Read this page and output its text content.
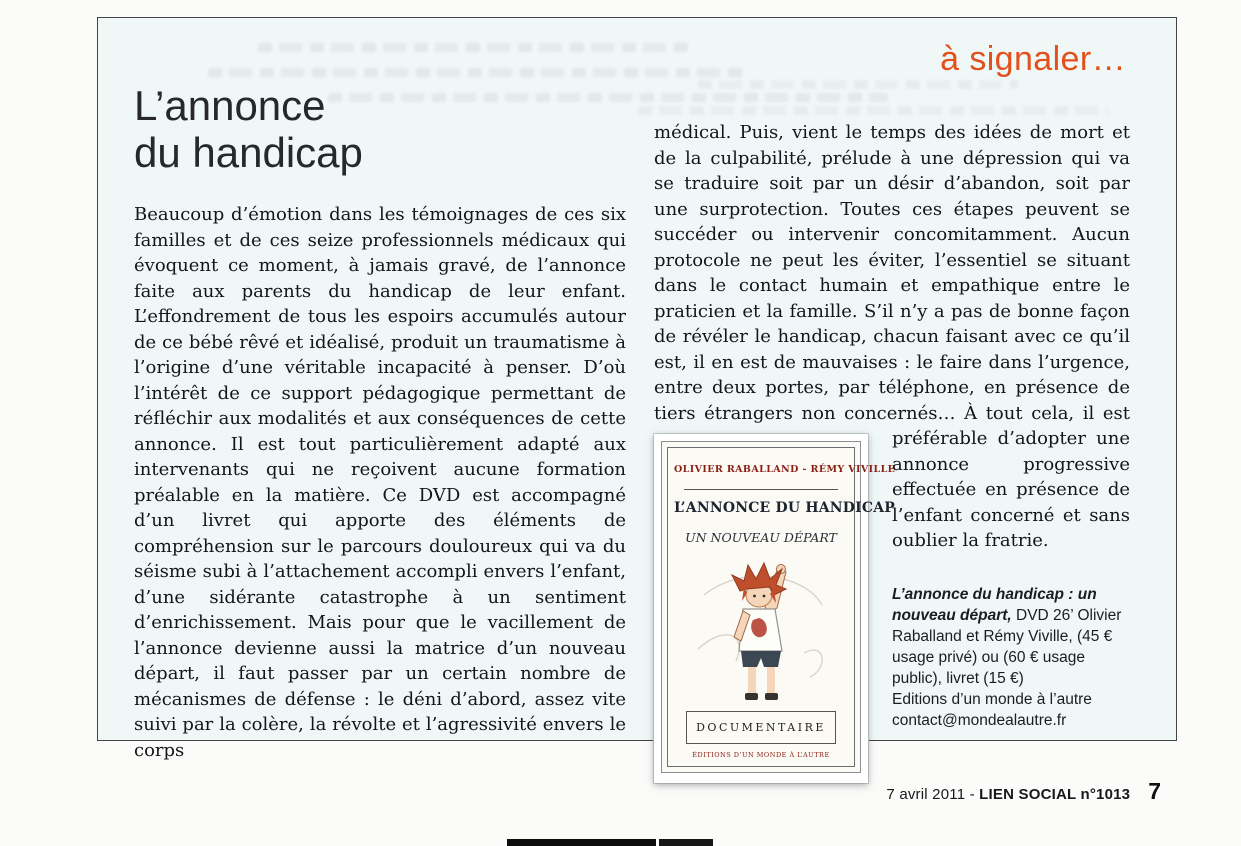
à signaler…
L’annonce
du handicap

Beaucoup d’émotion dans les témoignages de ces six familles et de ces seize professionnels médicaux qui évoquent ce moment, à jamais gravé, de l’annonce faite aux parents du handicap de leur enfant. L’effondrement de tous les espoirs accumulés autour de ce bébé rêvé et idéalisé, produit un traumatisme à l’origine d’une véritable incapacité à penser. D’où l’intérêt de ce support pédagogique permettant de réfléchir aux modalités et aux conséquences de cette annonce. Il est tout particulièrement adapté aux intervenants qui ne reçoivent aucune formation préalable en la matière. Ce DVD est accompagné d’un livret qui apporte des éléments de compréhension sur le parcours douloureux qui va du séisme subi à l’attachement accompli envers l’enfant, d’une sidérante catastrophe à un sentiment d’enrichissement. Mais pour que le vacillement de l’annonce devienne aussi la matrice d’un nouveau départ, il faut passer par un certain nombre de mécanismes de défense : le déni d’abord, assez vite suivi par la colère, la révolte et l’agressivité envers le corps

médical. Puis, vient le temps des idées de mort et de la culpabilité, prélude à une dépression qui va se traduire soit par un désir d’abandon, soit par une surprotection. Toutes ces étapes peuvent se succéder ou intervenir concomitamment. Aucun protocole ne peut les éviter, l’essentiel se situant dans le contact humain et empathique entre le praticien et la famille. S’il n’y a pas de bonne façon de révéler le handicap, chacun faisant avec ce qu’il est, il en est de mauvaises : le faire dans l’urgence, entre deux portes, par téléphone, en présence de tiers étrangers non concernés… À tout
OLIVIER RABALLAND - RÉMY VIVILLE
L’ANNONCE DU HANDICAP
UN NOUVEAU DÉPART
DOCUMENTAIRE
ÉDITIONS D’UN MONDE À L’AUTRE
cela, il est préférable d’adopter une annonce progressive effectuée en présence de l’enfant concerné et sans oublier la fratrie.

L’annonce du handicap : un nouveau départ, DVD 26’ Olivier Raballand et Rémy Viville, (45 € usage privé) ou (60 € usage public), livret (15 €)
Editions d’un monde à l’autre
contact@mondealautre.fr
7 avril 2011 - LIEN SOCIAL n°1013 7
